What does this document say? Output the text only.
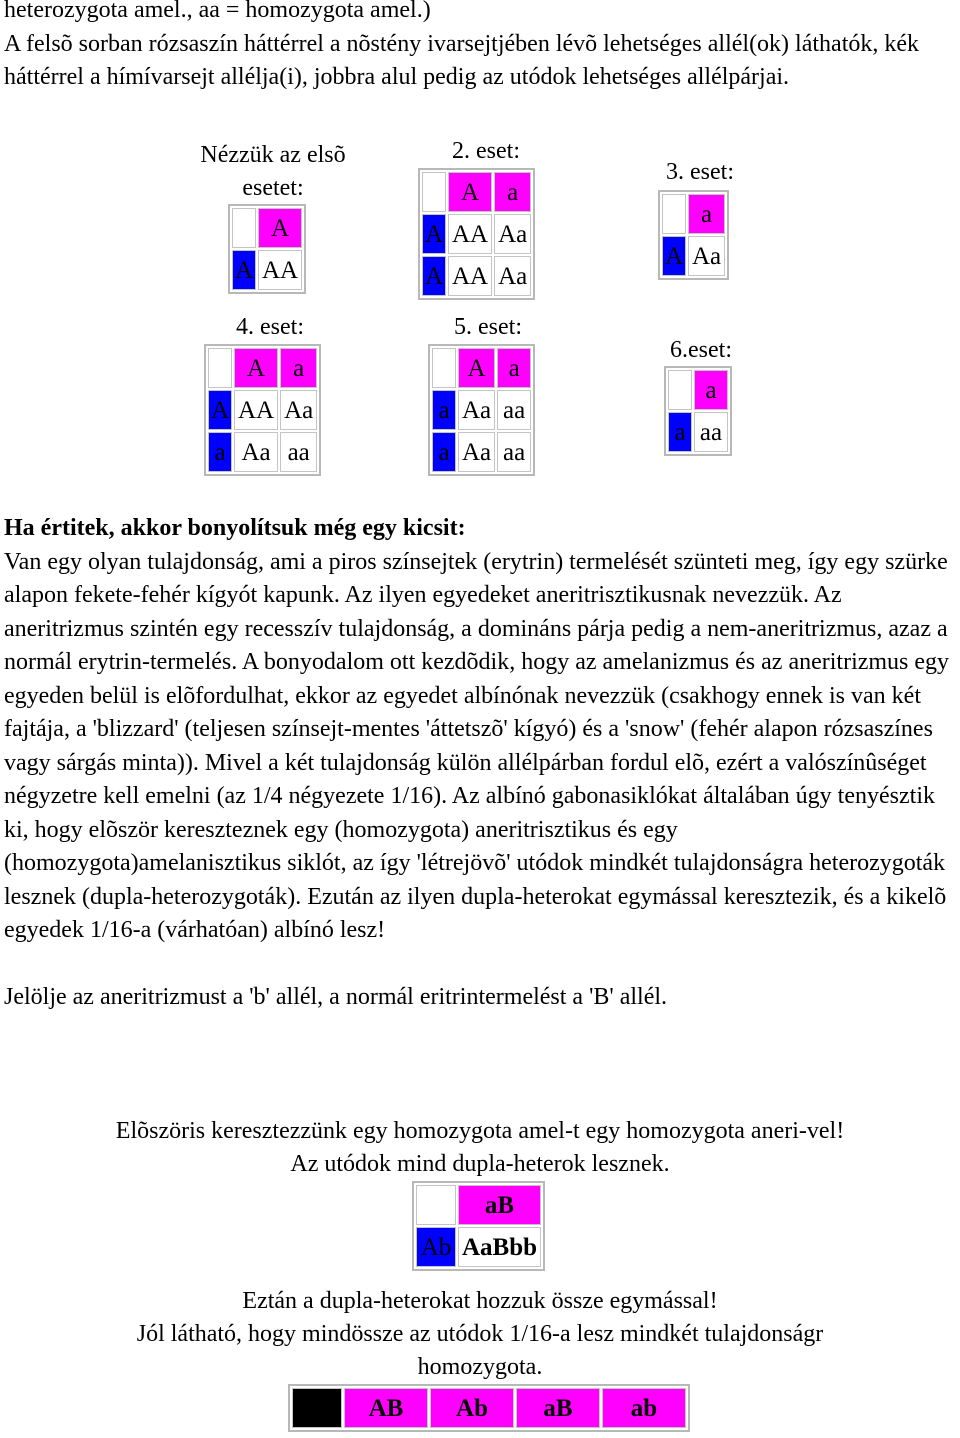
heterozygota amel., aa = homozygota amel.)

A felsõ sorban rózsaszín háttérrel a nõstény ivarsejtjében lévõ lehetséges allél(ok) láthatók, kék háttérrel a hímívarsejt allélja(i), jobbra alul pedig az utódok lehetséges allélpárjai.

Nézzük az elsõ
esetet:
	A
A	AA
2. eset:
	A	a
A	AA	Aa
A	AA	Aa
3. eset:
	a
A	Aa
4. eset:
	A	a
A	AA	Aa
a	Aa	aa
5. eset:
	A	a
a	Aa	aa
a	Aa	aa
6.eset:
	a
a	aa

Ha értitek, akkor bonyolítsuk még egy kicsit:

Van egy olyan tulajdonság, ami a piros színsejtek (erytrin) termelését szünteti meg, így egy szürke alapon fekete-fehér kígyót kapunk. Az ilyen egyedeket aneritrisztikusnak nevezzük. Az aneritrizmus szintén egy recesszív tulajdonság, a domináns párja pedig a nem-aneritrizmus, azaz a normál erytrin-termelés. A bonyodalom ott kezdõdik, hogy az amelanizmus és az aneritrizmus egy egyeden belül is elõfordulhat, ekkor az egyedet albínónak nevezzük (csakhogy ennek is van két fajtája, a 'blizzard' (teljesen színsejt-mentes 'áttetszõ' kígyó) és a 'snow' (fehér alapon rózsaszínes vagy sárgás minta)). Mivel a két tulajdonság külön allélpárban fordul elõ, ezért a valószínûséget négyzetre kell emelni (az 1/4 négyezete 1/16). Az albínó gabonasiklókat általában úgy tenyésztik ki, hogy elõször kereszteznek egy (homozygota) aneritrisztikus és egy (homozygota)amelanisztikus siklót, az így 'létrejövõ' utódok mindkét tulajdonságra heterozygoták lesznek (dupla-heterozygoták). Ezután az ilyen dupla-heterokat egymással keresztezik, és a kikelõ egyedek 1/16-a (várhatóan) albínó lesz!

Jelölje az aneritrizmust a 'b' allél, a normál eritrintermelést a 'B' allél.

Elõszöris keresztezzünk egy homozygota amel-t egy homozygota aneri-vel!
Az utódok mind dupla-heterok lesznek.
	aB
Ab	AaBbb
Eztán a dupla-heterokat hozzuk össze egymással!
Jól látható, hogy mindössze az utódok 1/16-a lesz mindkét tulajdonságr
homozygota.
	AB	Ab	aB	ab
